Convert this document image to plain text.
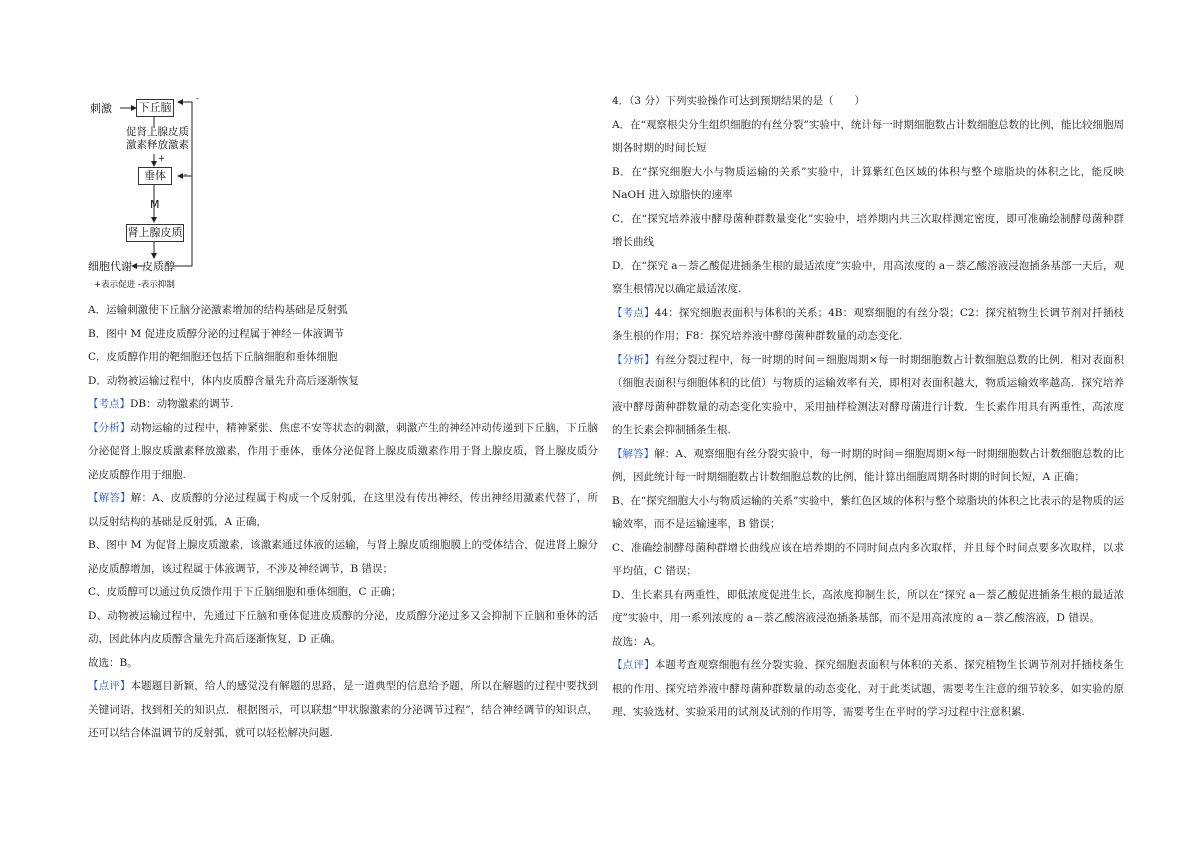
刺激 下丘脑
促肾上腺皮质
激素释放激素
+
垂体
M
肾上腺皮质
细胞代谢 皮质醇
-
-
+表示促进 -表示抑制

A．运输刺激使下丘脑分泌激素增加的结构基础是反射弧

B．图中 M 促进皮质醇分泌的过程属于神经－体液调节

C．皮质醇作用的靶细胞还包括下丘脑细胞和垂体细胞

D．动物被运输过程中，体内皮质醇含量先升高后逐渐恢复

【考点】DB：动物激素的调节.

【分析】动物运输的过程中，精神紧张、焦虑不安等状态的刺激，刺激产生的神经冲动传递到下丘脑，下丘脑分泌促肾上腺皮质激素释放激素，作用于垂体，垂体分泌促肾上腺皮质激素作用于肾上腺皮质，肾上腺皮质分泌皮质醇作用于细胞.

【解答】解：A、皮质醇的分泌过程属于构成一个反射弧，在这里没有传出神经，传出神经用激素代替了，所以反射结构的基础是反射弧，A 正确，

B、图中 M 为促肾上腺皮质激素，该激素通过体液的运输，与肾上腺皮质细胞膜上的受体结合，促进肾上腺分泌皮质醇增加，该过程属于体液调节，不涉及神经调节，B 错误；

C、皮质醇可以通过负反馈作用于下丘脑细胞和垂体细胞，C 正确；

D、动物被运输过程中，先通过下丘脑和垂体促进皮质醇的分泌，皮质醇分泌过多又会抑制下丘脑和垂体的活动，因此体内皮质醇含量先升高后逐渐恢复，D 正确。

故选：B。

【点评】本题题目新颖，给人的感觉没有解题的思路，是一道典型的信息给予题，所以在解题的过程中要找到关键词语，找到相关的知识点．根据图示，可以联想“甲状腺激素的分泌调节过程”，结合神经调节的知识点，还可以结合体温调节的反射弧，就可以轻松解决问题.

4．（3 分）下列实验操作可达到预期结果的是（　　）

A．在“观察根尖分生组织细胞的有丝分裂”实验中，统计每一时期细胞数占计数细胞总数的比例，能比较细胞周期各时期的时间长短

B．在“探究细胞大小与物质运输的关系”实验中，计算紫红色区域的体积与整个琼脂块的体积之比，能反映 NaOH 进入琼脂快的速率

C．在“探究培养液中酵母菌种群数量变化”实验中，培养期内共三次取样测定密度，即可准确绘制酵母菌种群增长曲线

D．在“探究 a－萘乙酸促进插条生根的最适浓度”实验中，用高浓度的 a－萘乙酸溶液浸泡插条基部一天后，观察生根情况以确定最适浓度.

【考点】44：探究细胞表面积与体积的关系；4B：观察细胞的有丝分裂；C2：探究植物生长调节剂对扦插枝条生根的作用；F8：探究培养液中酵母菌种群数量的动态变化.

【分析】有丝分裂过程中，每一时期的时间＝细胞周期×每一时期细胞数占计数细胞总数的比例．相对表面积（细胞表面积与细胞体积的比值）与物质的运输效率有关，即相对表面积越大，物质运输效率越高．探究培养液中酵母菌种群数量的动态变化实验中，采用抽样检测法对酵母菌进行计数．生长素作用具有两重性，高浓度的生长素会抑制插条生根.

【解答】解：A、观察细胞有丝分裂实验中，每一时期的时间＝细胞周期×每一时期细胞数占计数细胞总数的比例，因此统计每一时期细胞数占计数细胞总数的比例，能计算出细胞周期各时期的时间长短，A 正确；

B、在“探究细胞大小与物质运输的关系”实验中，紫红色区域的体积与整个琼脂块的体积之比表示的是物质的运输效率，而不是运输速率，B 错误；

C、准确绘制酵母菌种群增长曲线应该在培养期的不同时间点内多次取样，并且每个时间点要多次取样，以求平均值，C 错误；

D、生长素具有两重性，即低浓度促进生长，高浓度抑制生长，所以在“探究 a－萘乙酸促进插条生根的最适浓度”实验中，用一系列浓度的 a－萘乙酸溶液浸泡插条基部，而不是用高浓度的 a－萘乙酸溶液，D 错误。

故选：A。

【点评】本题考查观察细胞有丝分裂实验、探究细胞表面积与体积的关系、探究植物生长调节剂对扦插枝条生根的作用、探究培养液中酵母菌种群数量的动态变化，对于此类试题，需要考生注意的细节较多，如实验的原理、实验选材、实验采用的试剂及试剂的作用等，需要考生在平时的学习过程中注意积累.
